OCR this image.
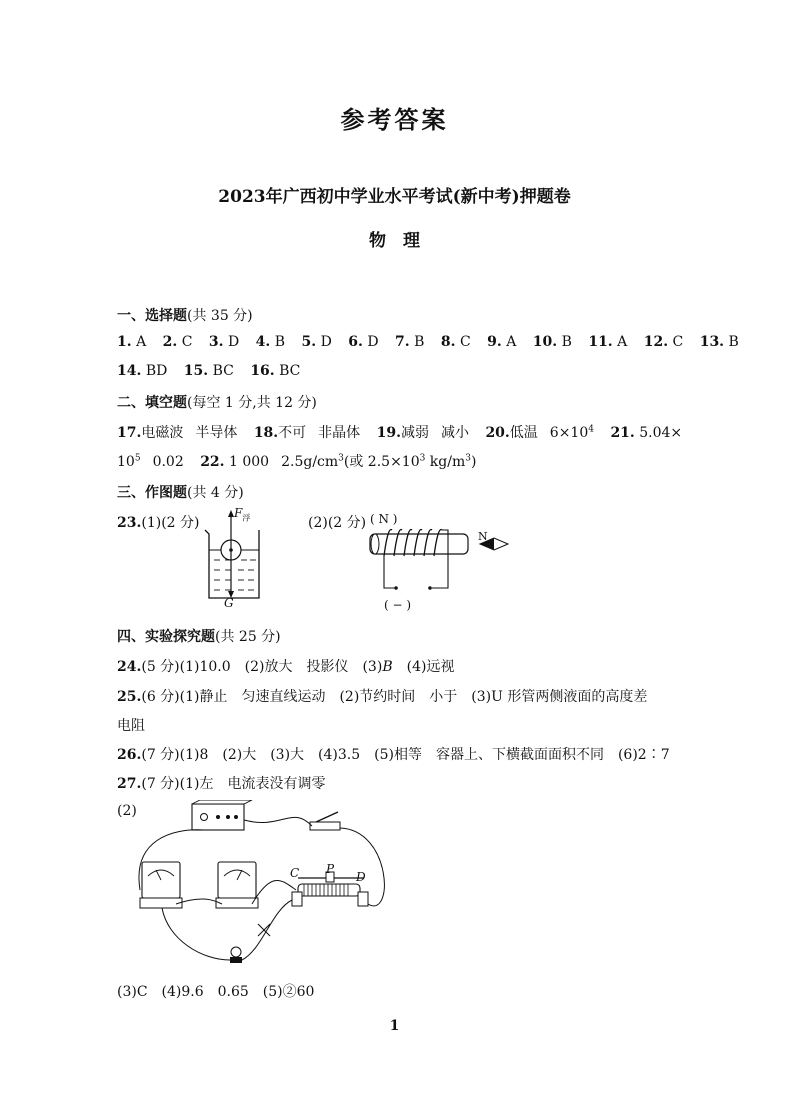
参考答案
2023年广西初中学业水平考试(新中考)押题卷
物　理
一、选择题(共 35 分)
1. A 2. C 3. D 4. B 5. D 6. D 7. B 8. C 9. A 10. B 11. A 12. C 13. B
14. BD 15. BC 16. BC
二、填空题(每空 1 分,共 12 分)
17.电磁波 半导体 18.不可 非晶体 19.减弱 减小 20.低温 $6\times 10^4$ 21. 5.04×
$10^5$ 0.02 22. 1 000 $2.5g/cm^3$(或 $2.5\times 10^3$ $kg/m^3$)
三、作图题(共 4 分)
23.(1)(2 分)	(2)(2 分)
$F_浮$
G
( N )
N
( − )
四、实验探究题(共 25 分)
24.(5 分)(1)10.0　(2)放大　投影仪　(3)B　(4)远视
25.(6 分)(1)静止　匀速直线运动　(2)节约时间　小于　(3)U 形管两侧液面的高度差
电阻
26.(7 分)(1)8　(2)大　(3)大　(4)3.5　(5)相等　容器上、下横截面面积不同　(6)2∶7
27.(7 分)(1)左　电流表没有调零
(2)
C P
D
(3)C　(4)9.6　0.65　(5)②60
1
